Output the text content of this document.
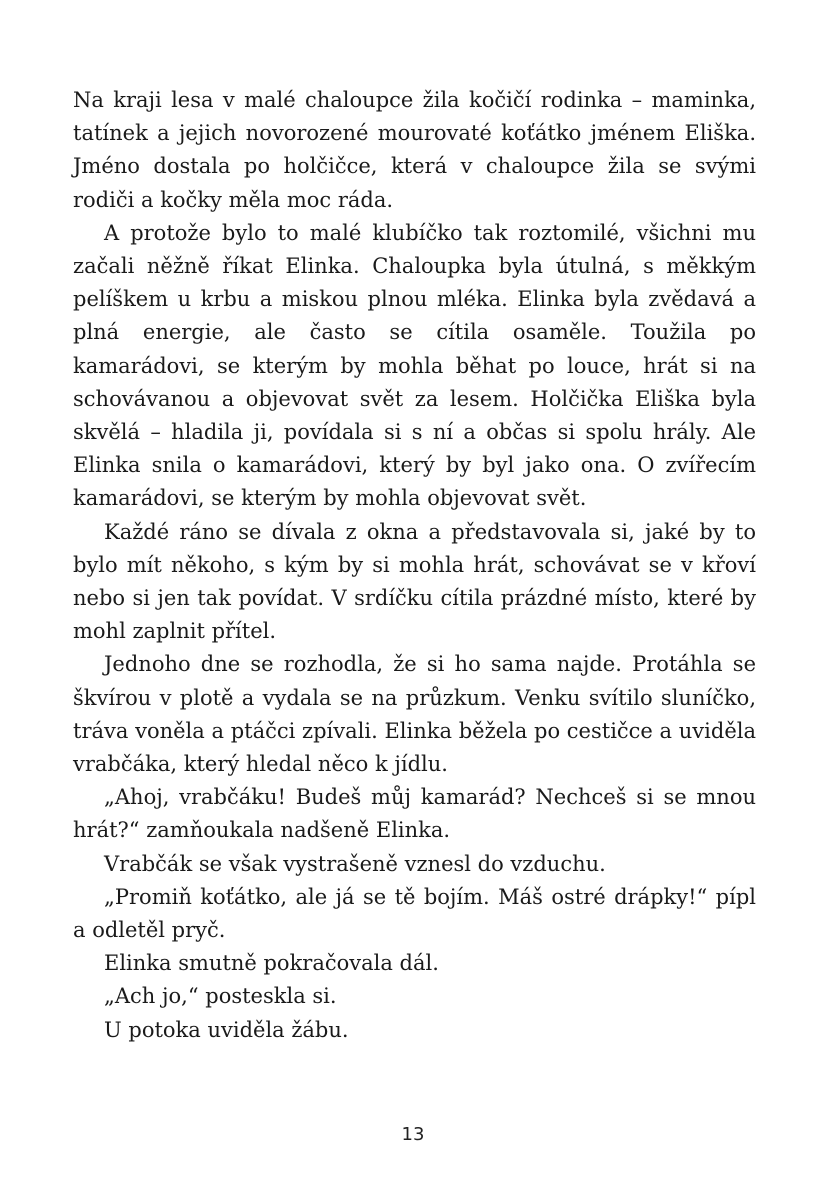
Na kraji lesa v malé chaloupce žila kočičí rodinka – maminka, tatínek a jejich novorozené mourovaté koťátko jménem Eliška. Jméno dostala po holčičce, která v chaloupce žila se svými rodiči a kočky měla moc ráda.

A protože bylo to malé klubíčko tak roztomilé, všichni mu začali něžně říkat Elinka. Chaloupka byla útulná, s měkkým pelíškem u krbu a miskou plnou mléka. Elinka byla zvědavá a plná energie, ale často se cítila osaměle. Toužila po kamarádovi, se kterým by mohla běhat po louce, hrát si na schovávanou a objevovat svět za lesem. Holčička Eliška byla skvělá – hladila ji, povídala si s ní a občas si spolu hrály. Ale Elinka snila o kamarádovi, který by byl jako ona. O zvířecím kamarádovi, se kterým by mohla objevovat svět.

Každé ráno se dívala z okna a představovala si, jaké by to bylo mít někoho, s kým by si mohla hrát, schovávat se v křoví nebo si jen tak povídat. V srdíčku cítila prázdné místo, které by mohl zaplnit přítel.

Jednoho dne se rozhodla, že si ho sama najde. Protáhla se škvírou v plotě a vydala se na průzkum. Venku svítilo sluníčko, tráva voněla a ptáčci zpívali. Elinka běžela po cestičce a uviděla vrabčáka, který hledal něco k jídlu.

„Ahoj, vrabčáku! Budeš můj kamarád? Nechceš si se mnou hrát?“ zamňoukala nadšeně Elinka.

Vrabčák se však vystrašeně vznesl do vzduchu.

„Promiň koťátko, ale já se tě bojím. Máš ostré drápky!“ pípl a odletěl pryč.

Elinka smutně pokračovala dál.

„Ach jo,“ posteskla si.

U potoka uviděla žábu.

13
